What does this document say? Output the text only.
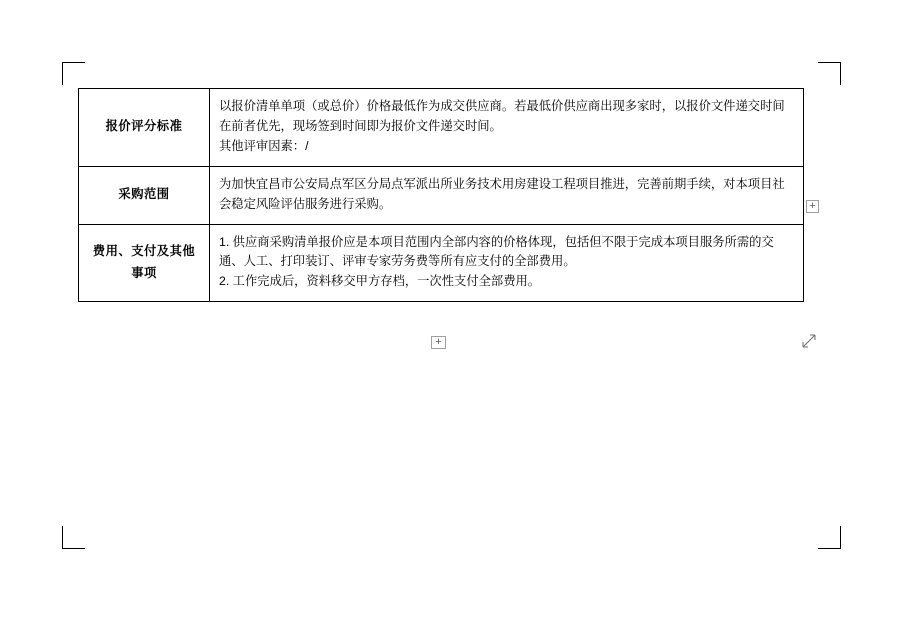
报价评分标准	以报价清单单项（或总价）价格最低作为成交供应商。若最低价供应商出现多家时，以报价文件递交时间在前者优先，现场签到时间即为报价文件递交时间。

其他评审因素：/

采购范围	为加快宜昌市公安局点军区分局点军派出所业务技术用房建设工程项目推进，完善前期手续，对本项目社会稳定风险评估服务进行采购。

费用、支付及其他事项	1. 供应商采购清单报价应是本项目范围内全部内容的价格体现，包括但不限于完成本项目服务所需的交通、人工、打印装订、评审专家劳务费等所有应支付的全部费用。

2. 工作完成后，资料移交甲方存档，一次性支付全部费用。

+
+
